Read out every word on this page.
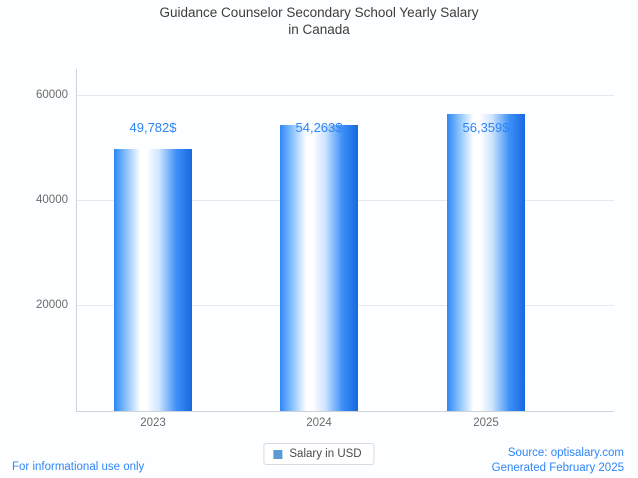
Guidance Counselor Secondary School Yearly Salary
in Canada
60000
40000
20000
49,782$
2023
54,263$
2024
56,359$
2025
Salary in USD
For informational use only
Source: optisalary.com
Generated February 2025
